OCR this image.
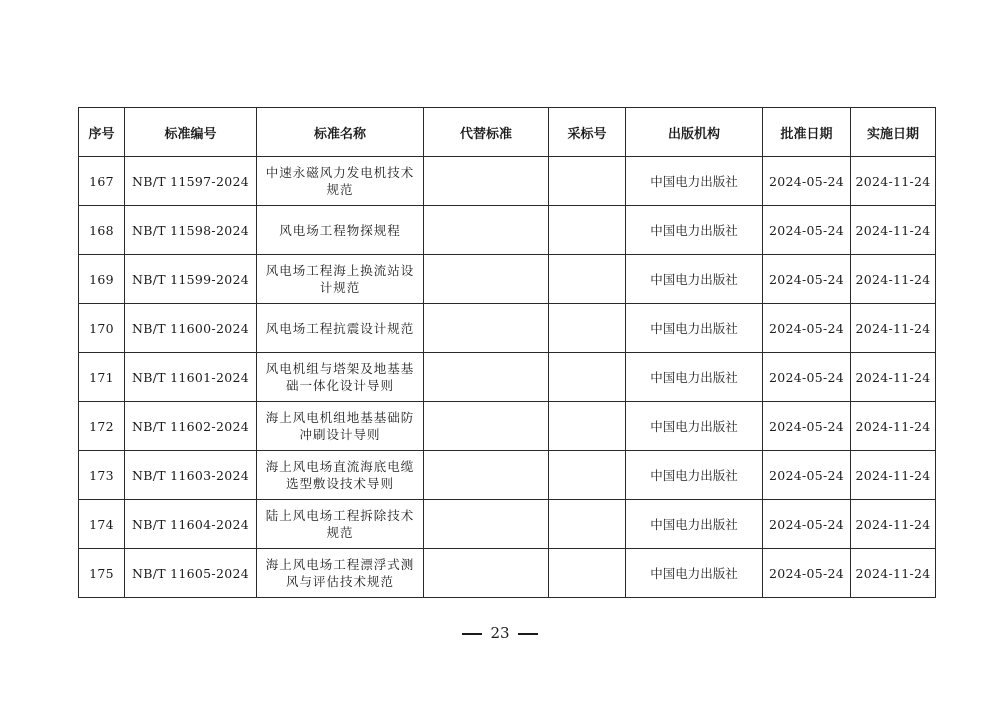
序号	标准编号	标准名称	代替标准	采标号	出版机构	批准日期	实施日期
167	NB/T 11597-2024	中速永磁风力发电机技术规范			中国电力出版社	2024-05-24	2024-11-24
168	NB/T 11598-2024	风电场工程物探规程			中国电力出版社	2024-05-24	2024-11-24
169	NB/T 11599-2024	风电场工程海上换流站设计规范			中国电力出版社	2024-05-24	2024-11-24
170	NB/T 11600-2024	风电场工程抗震设计规范			中国电力出版社	2024-05-24	2024-11-24
171	NB/T 11601-2024	风电机组与塔架及地基基础一体化设计导则			中国电力出版社	2024-05-24	2024-11-24
172	NB/T 11602-2024	海上风电机组地基基础防冲刷设计导则			中国电力出版社	2024-05-24	2024-11-24
173	NB/T 11603-2024	海上风电场直流海底电缆选型敷设技术导则			中国电力出版社	2024-05-24	2024-11-24
174	NB/T 11604-2024	陆上风电场工程拆除技术规范			中国电力出版社	2024-05-24	2024-11-24
175	NB/T 11605-2024	海上风电场工程漂浮式测风与评估技术规范			中国电力出版社	2024-05-24	2024-11-24
23
